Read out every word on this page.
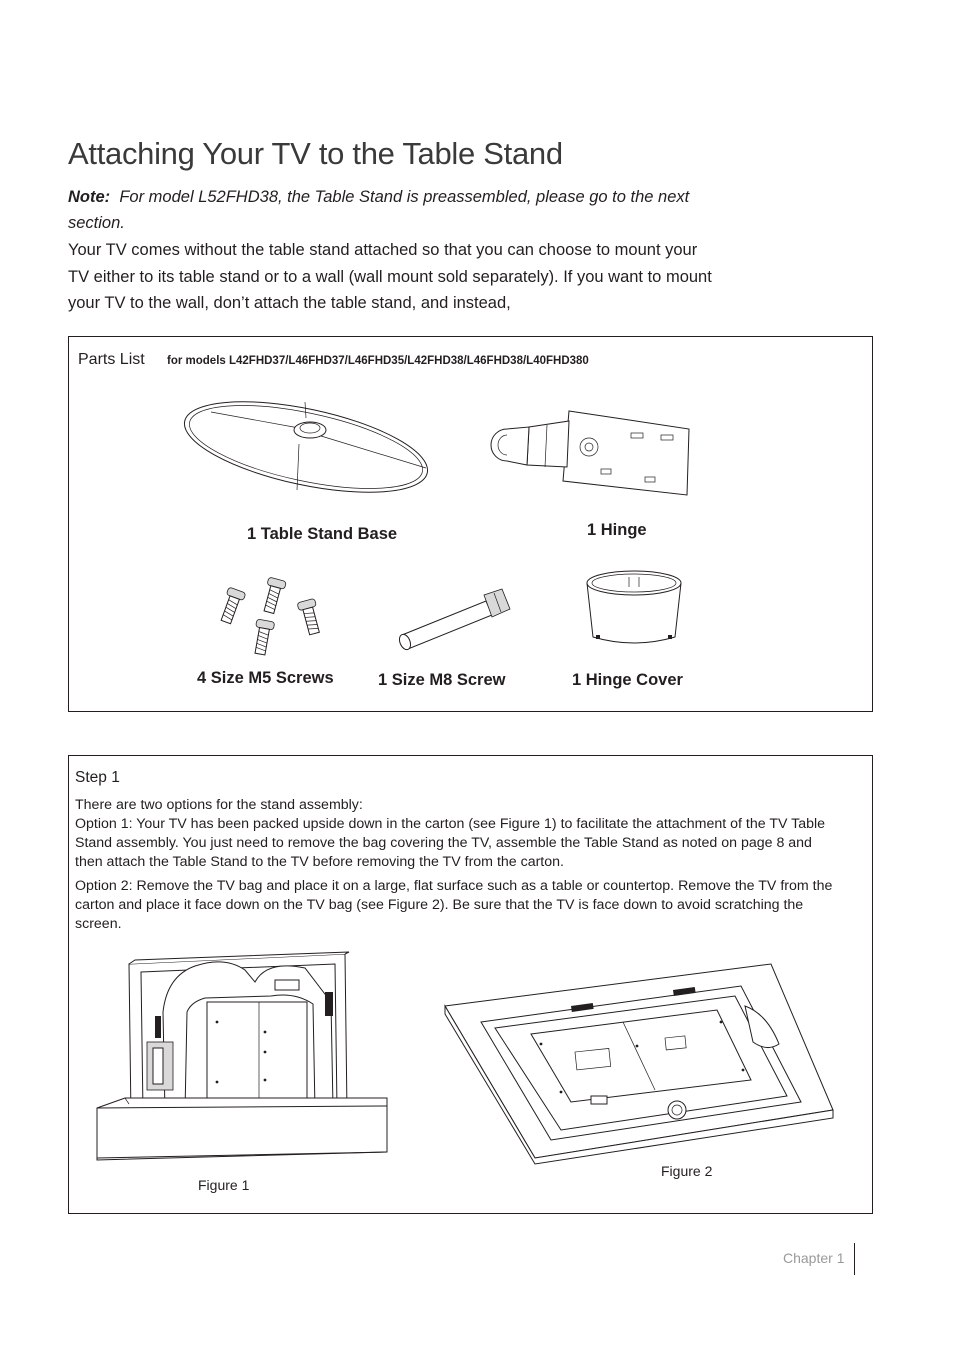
Attaching Your TV to the Table Stand
Note: For model L52FHD38, the Table Stand is preassembled, please go to the next section.
Your TV comes without the table stand attached so that you can choose to mount your TV either to its table stand or to a wall (wall mount sold separately). If you want to mount your TV to the wall, don’t attach the table stand, and instead,
Parts List for models L42FHD37/L46FHD37/L46FHD35/L42FHD38/L46FHD38/L40FHD380
1 Table Stand Base	1 Hinge
4 Size M5 Screws	1 Size M8 Screw	1 Hinge Cover
Step 1
There are two options for the stand assembly:
Option 1: Your TV has been packed upside down in the carton (see Figure 1) to facilitate the attachment of the TV Table Stand assembly. You just need to remove the bag covering the TV, assemble the Table Stand as noted on page 8 and then attach the Table Stand to the TV before removing the TV from the carton.
Option 2: Remove the TV bag and place it on a large, flat surface such as a table or countertop. Remove the TV from the carton and place it face down on the TV bag (see Figure 2). Be sure that the TV is face down to avoid scratching the screen.
Figure 1
Figure 2
Chapter 1
